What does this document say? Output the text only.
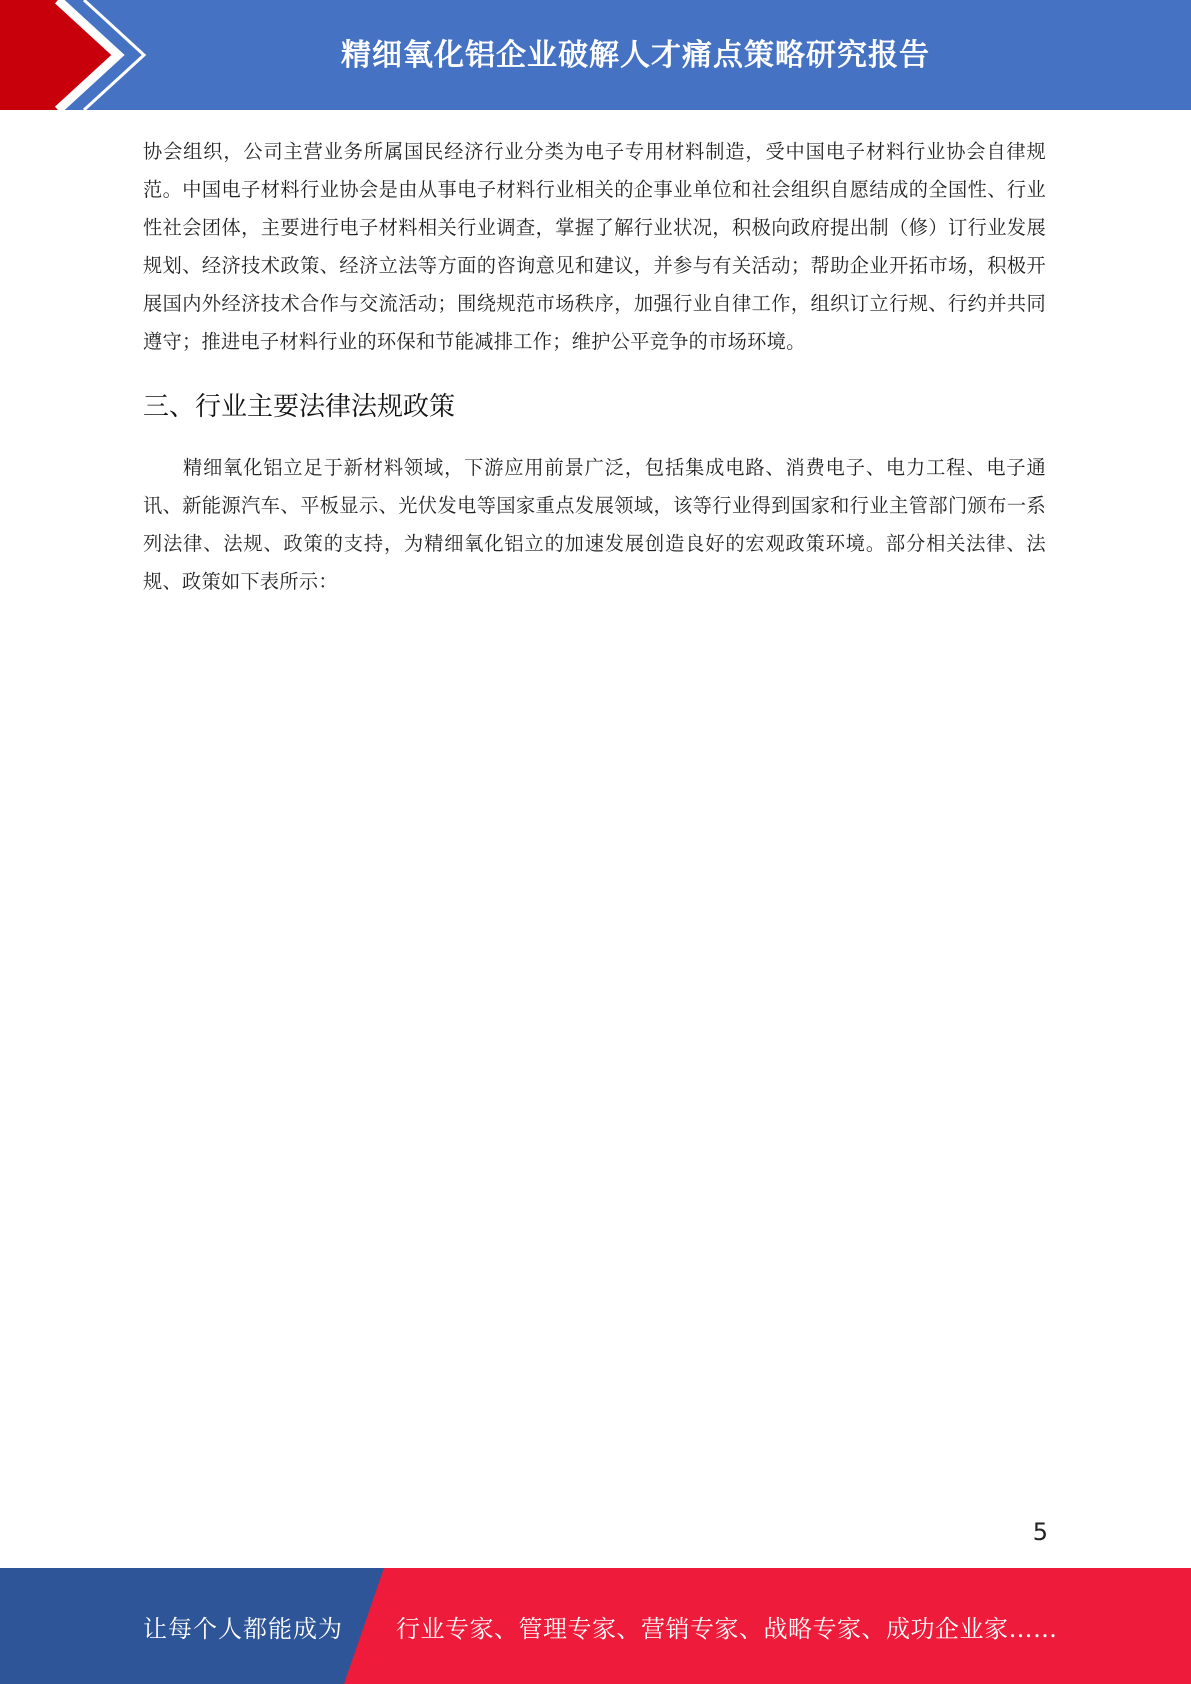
精细氧化铝企业破解人才痛点策略研究报告

协会组织，公司主营业务所属国民经济行业分类为电子专用材料制造，受中国电子材料行业协会自律规范。中国电子材料行业协会是由从事电子材料行业相关的企事业单位和社会组织自愿结成的全国性、行业性社会团体，主要进行电子材料相关行业调查，掌握了解行业状况，积极向政府提出制（修）订行业发展规划、经济技术政策、经济立法等方面的咨询意见和建议，并参与有关活动；帮助企业开拓市场，积极开展国内外经济技术合作与交流活动；围绕规范市场秩序，加强行业自律工作，组织订立行规、行约并共同遵守；推进电子材料行业的环保和节能减排工作；维护公平竞争的市场环境。

三、行业主要法律法规政策

精细氧化铝立足于新材料领域，下游应用前景广泛，包括集成电路、消费电子、电力工程、电子通讯、新能源汽车、平板显示、光伏发电等国家重点发展领域，该等行业得到国家和行业主管部门颁布一系列法律、法规、政策的支持，为精细氧化铝立的加速发展创造良好的宏观政策环境。部分相关法律、法规、政策如下表所示：

5
让每个人都能成为 行业专家、管理专家、营销专家、战略专家、成功企业家……
